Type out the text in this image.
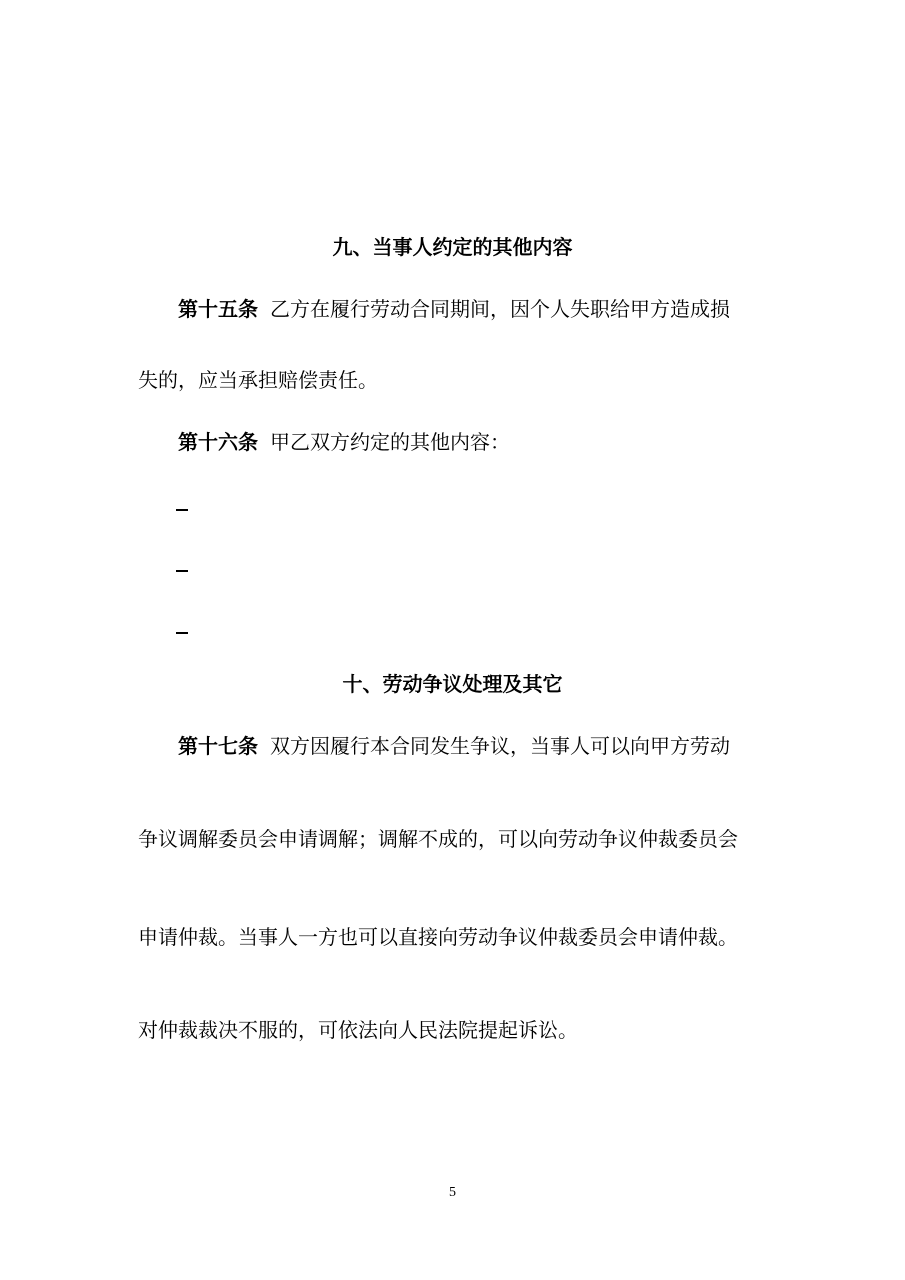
九、当事人约定的其他内容
第十五条 乙方在履行劳动合同期间，因个人失职给甲方造成损
失的，应当承担赔偿责任。
第十六条 甲乙双方约定的其他内容：
十、劳动争议处理及其它
第十七条 双方因履行本合同发生争议，当事人可以向甲方劳动
争议调解委员会申请调解；调解不成的，可以向劳动争议仲裁委员会
申请仲裁。当事人一方也可以直接向劳动争议仲裁委员会申请仲裁。
对仲裁裁决不服的，可依法向人民法院提起诉讼。
5
